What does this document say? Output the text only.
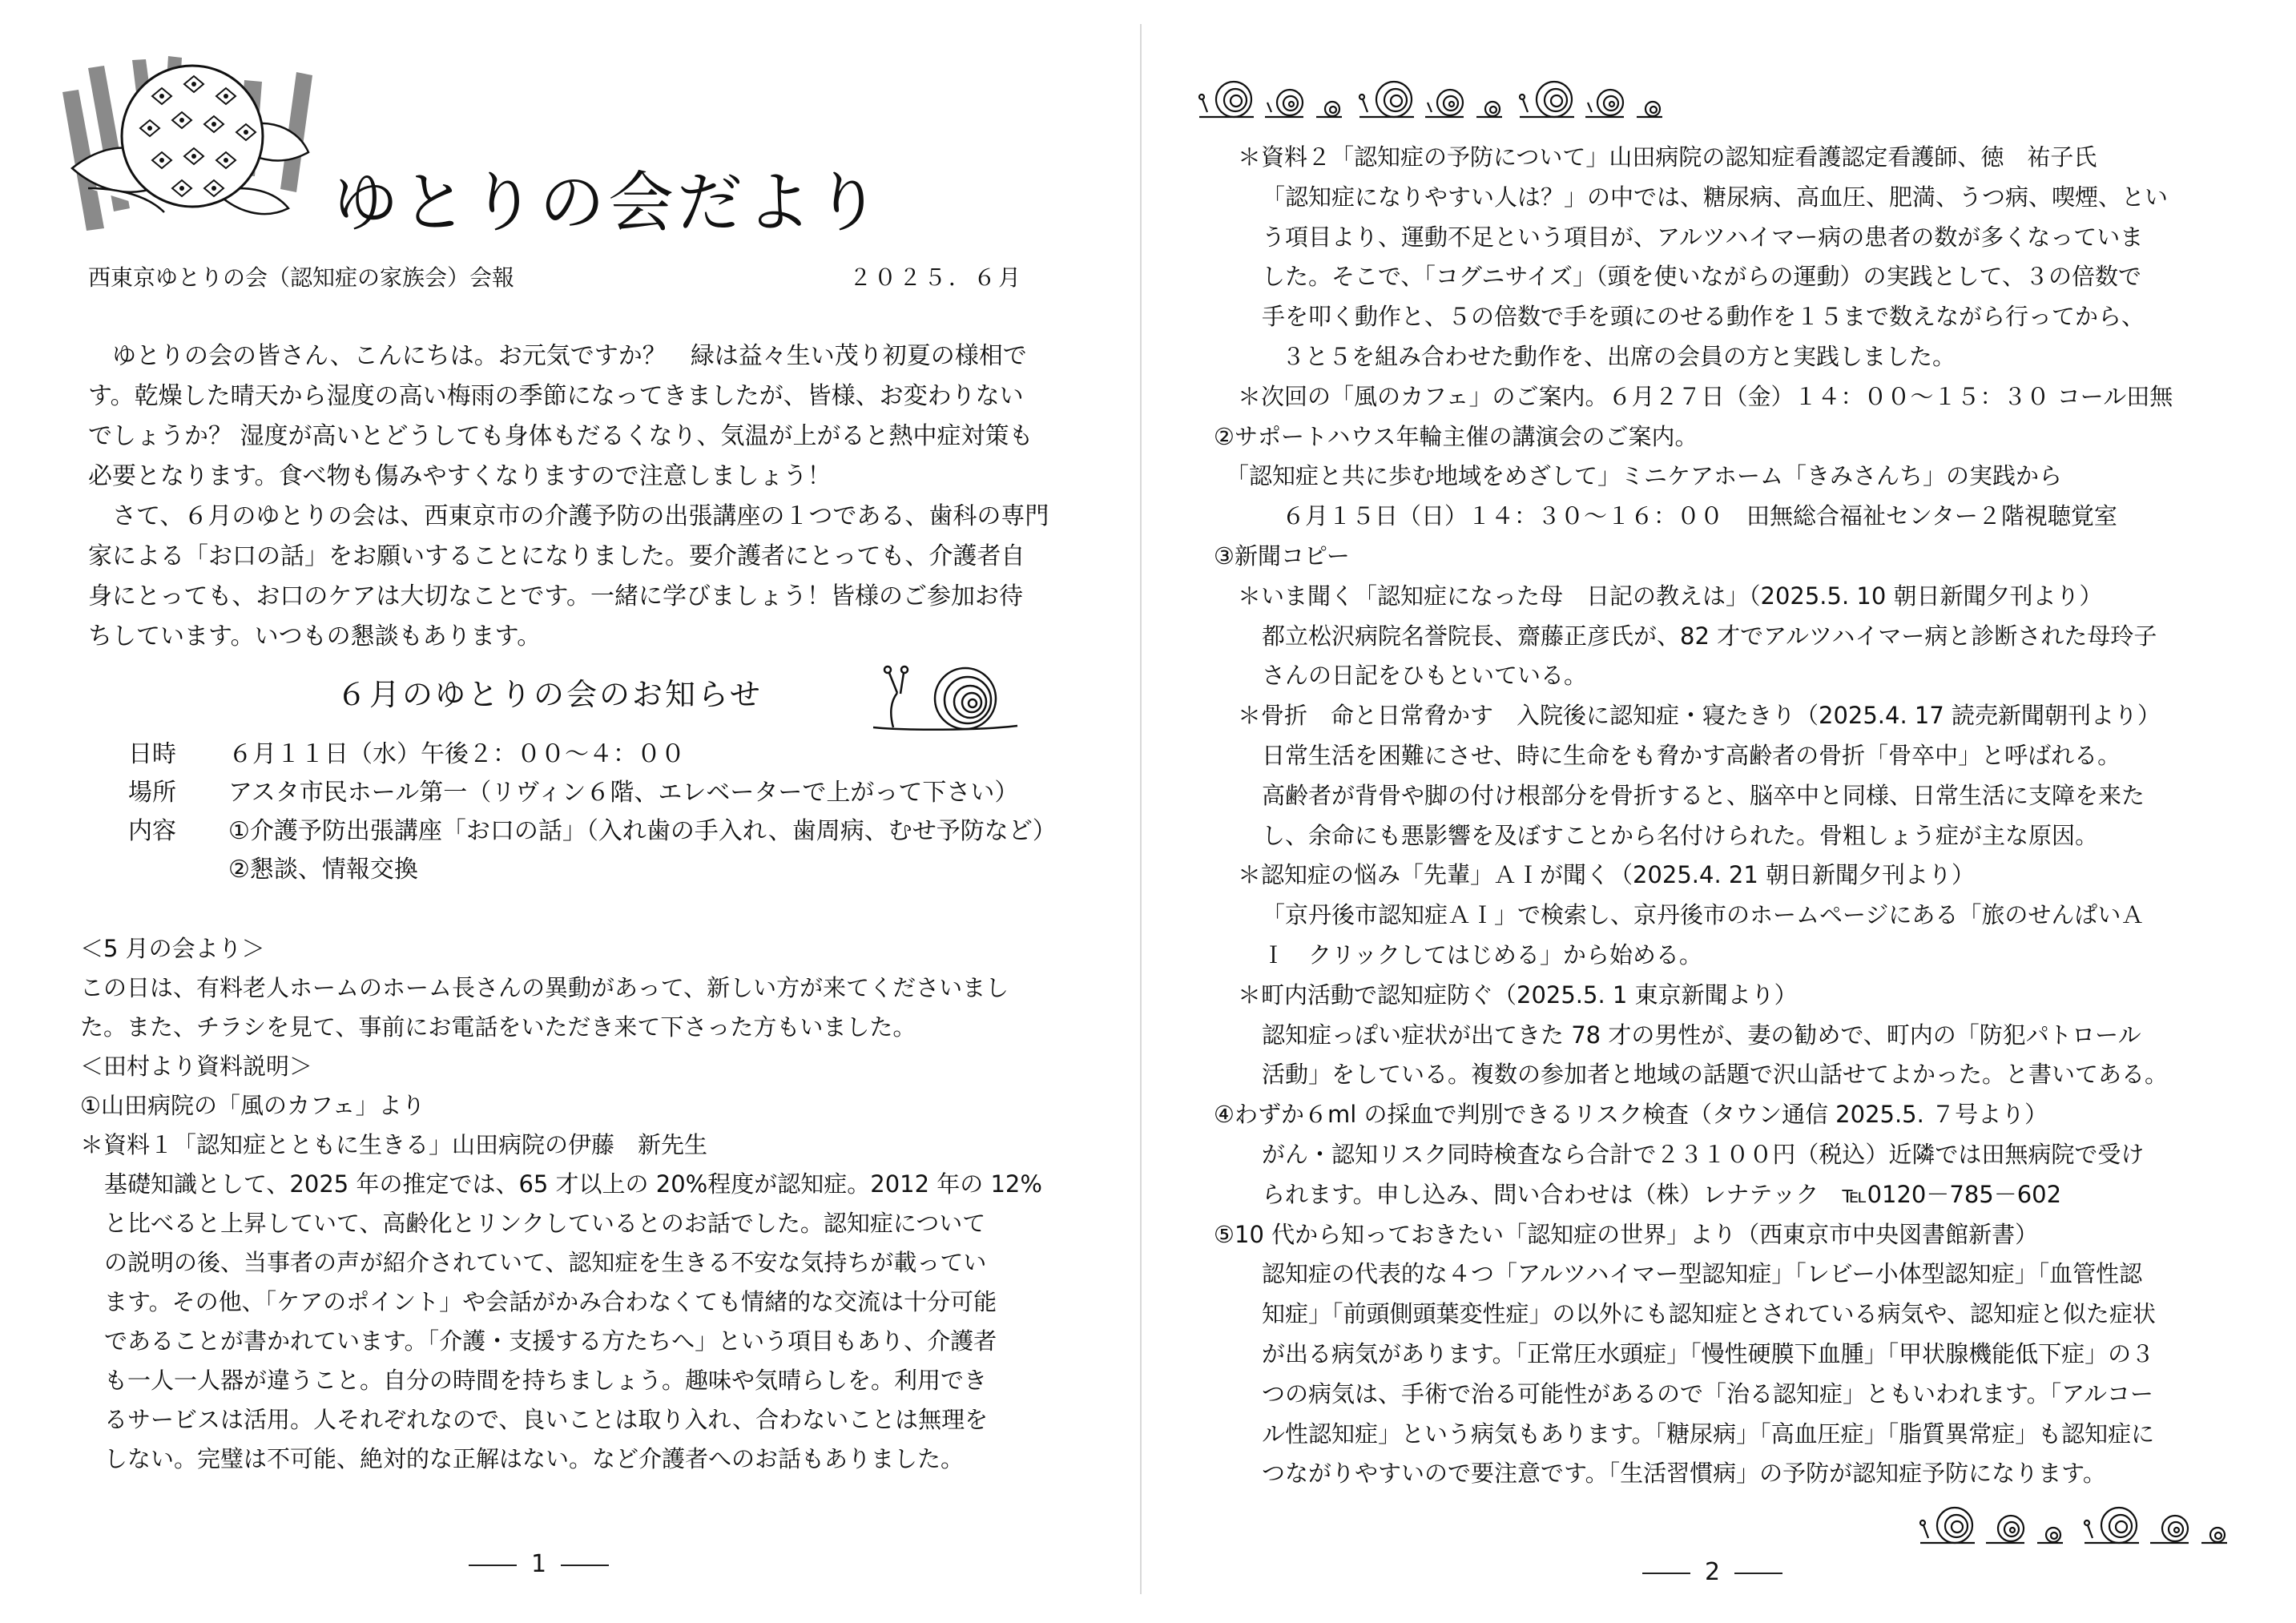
ゆとりの会だより
西東京ゆとりの会（認知症の家族会）会報	２０２５．６月

ゆとりの会の皆さん、こんにちは。お元気ですか？　緑は益々生い茂り初夏の様相で

す。乾燥した晴天から湿度の高い梅雨の季節になってきましたが、皆様、お変わりない

でしょうか？ 湿度が高いとどうしても身体もだるくなり、気温が上がると熱中症対策も

必要となります。食べ物も傷みやすくなりますので注意しましょう！

さて、６月のゆとりの会は、西東京市の介護予防の出張講座の１つである、歯科の専門

家による「お口の話」をお願いすることになりました。要介護者にとっても、介護者自

身にとっても、お口のケアは大切なことです。一緒に学びましょう！皆様のご参加お待

ちしています。いつもの懇談もあります。

６月のゆとりの会のお知らせ
日時 ６月１１日（水）午後２：００～４：００
場所 アスタ市民ホール第一（リヴィン６階、エレベーターで上がって下さい）
内容 ①介護予防出張講座「お口の話」（入れ歯の手入れ、歯周病、むせ予防など）
②懇談、情報交換
＜5 月の会より＞
この日は、有料老人ホームのホーム長さんの異動があって、新しい方が来てくださいまし
た。また、チラシを見て、事前にお電話をいただき来て下さった方もいました。
＜田村より資料説明＞
①山田病院の「風のカフェ」より
＊資料１「認知症とともに生きる」山田病院の伊藤　新先生
基礎知識として、2025 年の推定では、65 才以上の 20%程度が認知症。2012 年の 12%
と比べると上昇していて、高齢化とリンクしているとのお話でした。認知症について
の説明の後、当事者の声が紹介されていて、認知症を生きる不安な気持ちが載ってい
ます。その他、「ケアのポイント」や会話がかみ合わなくても情緒的な交流は十分可能
であることが書かれています。「介護・支援する方たちへ」という項目もあり、介護者
も一人一人器が違うこと。自分の時間を持ちましょう。趣味や気晴らしを。利用でき
るサービスは活用。人それぞれなので、良いことは取り入れ、合わないことは無理を
しない。完璧は不可能、絶対的な正解はない。など介護者へのお話もありました。
1
＊資料２「認知症の予防について」山田病院の認知症看護認定看護師、徳　祐子氏
「認知症になりやすい人は？」の中では、糖尿病、高血圧、肥満、うつ病、喫煙、とい
う項目より、運動不足という項目が、アルツハイマー病の患者の数が多くなっていま
した。そこで、「コグニサイズ」（頭を使いながらの運動）の実践として、３の倍数で
手を叩く動作と、５の倍数で手を頭にのせる動作を１５まで数えながら行ってから、
３と５を組み合わせた動作を、出席の会員の方と実践しました。
＊次回の「風のカフェ」のご案内。６月２７日（金）１４：００～１５：３０ コール田無
②サポートハウス年輪主催の講演会のご案内。
「認知症と共に歩む地域をめざして」ミニケアホーム「きみさんち」の実践から
６月１５日（日）１４：３０～１６：００　田無総合福祉センター２階視聴覚室
③新聞コピー
＊いま聞く「認知症になった母　日記の教えは」（2025.5. 10 朝日新聞夕刊より）
都立松沢病院名誉院長、齋藤正彦氏が、82 才でアルツハイマー病と診断された母玲子
さんの日記をひもといている。
＊骨折　命と日常脅かす　入院後に認知症・寝たきり（2025.4. 17 読売新聞朝刊より）
日常生活を困難にさせ、時に生命をも脅かす高齢者の骨折「骨卒中」と呼ばれる。
高齢者が背骨や脚の付け根部分を骨折すると、脳卒中と同様、日常生活に支障を来た
し、余命にも悪影響を及ぼすことから名付けられた。骨粗しょう症が主な原因。
＊認知症の悩み「先輩」ＡＩが聞く（2025.4. 21 朝日新聞夕刊より）
「京丹後市認知症ＡＩ」で検索し、京丹後市のホームページにある「旅のせんぱいＡ
Ｉ　クリックしてはじめる」から始める。
＊町内活動で認知症防ぐ（2025.5. 1 東京新聞より）
認知症っぽい症状が出てきた 78 才の男性が、妻の勧めで、町内の「防犯パトロール
活動」をしている。複数の参加者と地域の話題で沢山話せてよかった。と書いてある。
④わずか６ml の採血で判別できるリスク検査（タウン通信 2025.5. ７号より）
がん・認知リスク同時検査なら合計で２３１００円（税込）近隣では田無病院で受け
られます。申し込み、問い合わせは（株）レナテック　℡0120－785－602
⑤10 代から知っておきたい「認知症の世界」より（西東京市中央図書館新書）
認知症の代表的な４つ「アルツハイマー型認知症」「レビー小体型認知症」「血管性認
知症」「前頭側頭葉変性症」の以外にも認知症とされている病気や、認知症と似た症状
が出る病気があります。「正常圧水頭症」「慢性硬膜下血腫」「甲状腺機能低下症」の３
つの病気は、手術で治る可能性があるので「治る認知症」ともいわれます。「アルコー
ル性認知症」という病気もあります。「糖尿病」「高血圧症」「脂質異常症」も認知症に
つながりやすいので要注意です。「生活習慣病」の予防が認知症予防になります。
2
